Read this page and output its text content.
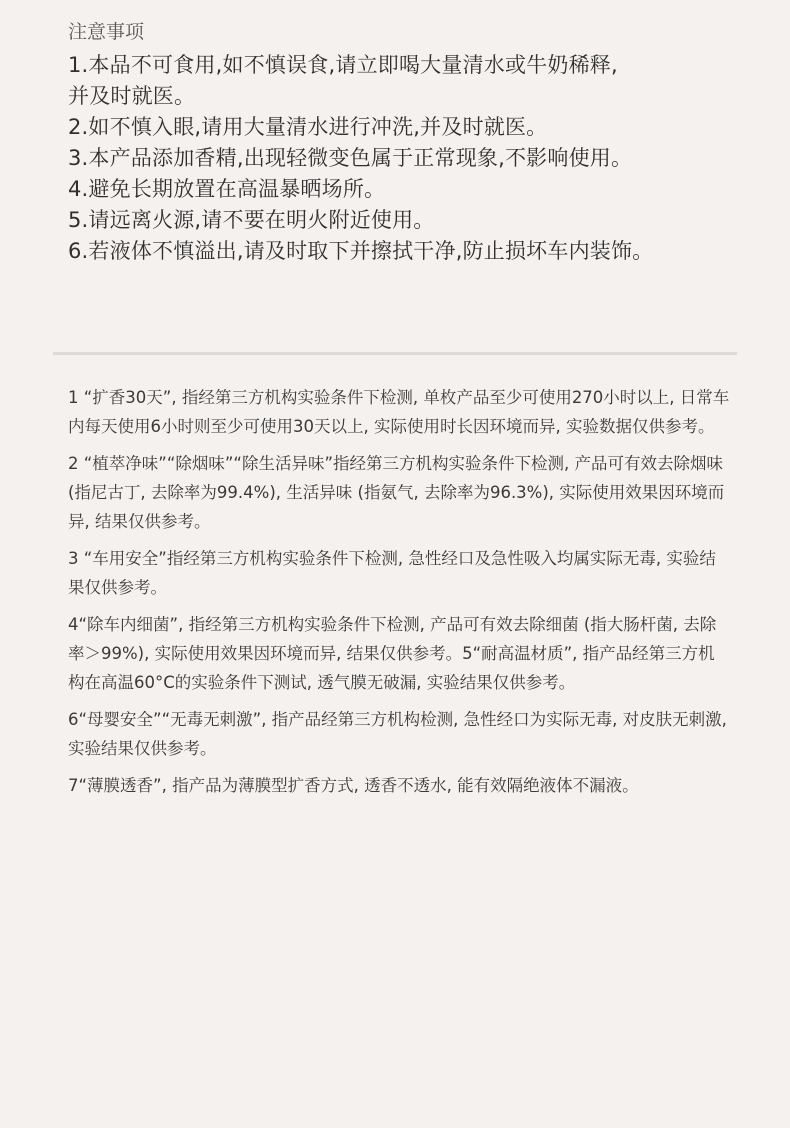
注意事项

1.本品不可食用,如不慎误食,请立即喝大量清水或牛奶稀释,

并及时就医。

2.如不慎入眼,请用大量清水进行冲洗,并及时就医。

3.本产品添加香精,出现轻微变色属于正常现象,不影响使用。

4.避免长期放置在高温暴晒场所。

5.请远离火源,请不要在明火附近使用。

6.若液体不慎溢出,请及时取下并擦拭干净,防止损坏车内装饰。

1 “扩香30天”, 指经第三方机构实验条件下检测, 单枚产品至少可使用270小时以上, 日常车内每天使用6小时则至少可使用30天以上, 实际使用时长因环境而异, 实验数据仅供参考。

2 “植萃净味”“除烟味”“除生活异味”指经第三方机构实验条件下检测, 产品可有效去除烟味 (指尼古丁, 去除率为99.4%), 生活异味 (指氨气, 去除率为96.3%), 实际使用效果因环境而异, 结果仅供参考。

3 “车用安全”指经第三方机构实验条件下检测, 急性经口及急性吸入均属实际无毒, 实验结果仅供参考。

4“除车内细菌”, 指经第三方机构实验条件下检测, 产品可有效去除细菌 (指大肠杆菌, 去除率＞99%), 实际使用效果因环境而异, 结果仅供参考。5“耐高温材质”, 指产品经第三方机构在高温60°C的实验条件下测试, 透气膜无破漏, 实验结果仅供参考。

6“母婴安全”“无毒无刺激”, 指产品经第三方机构检测, 急性经口为实际无毒, 对皮肤无刺激, 实验结果仅供参考。

7“薄膜透香”, 指产品为薄膜型扩香方式, 透香不透水, 能有效隔绝液体不漏液。
